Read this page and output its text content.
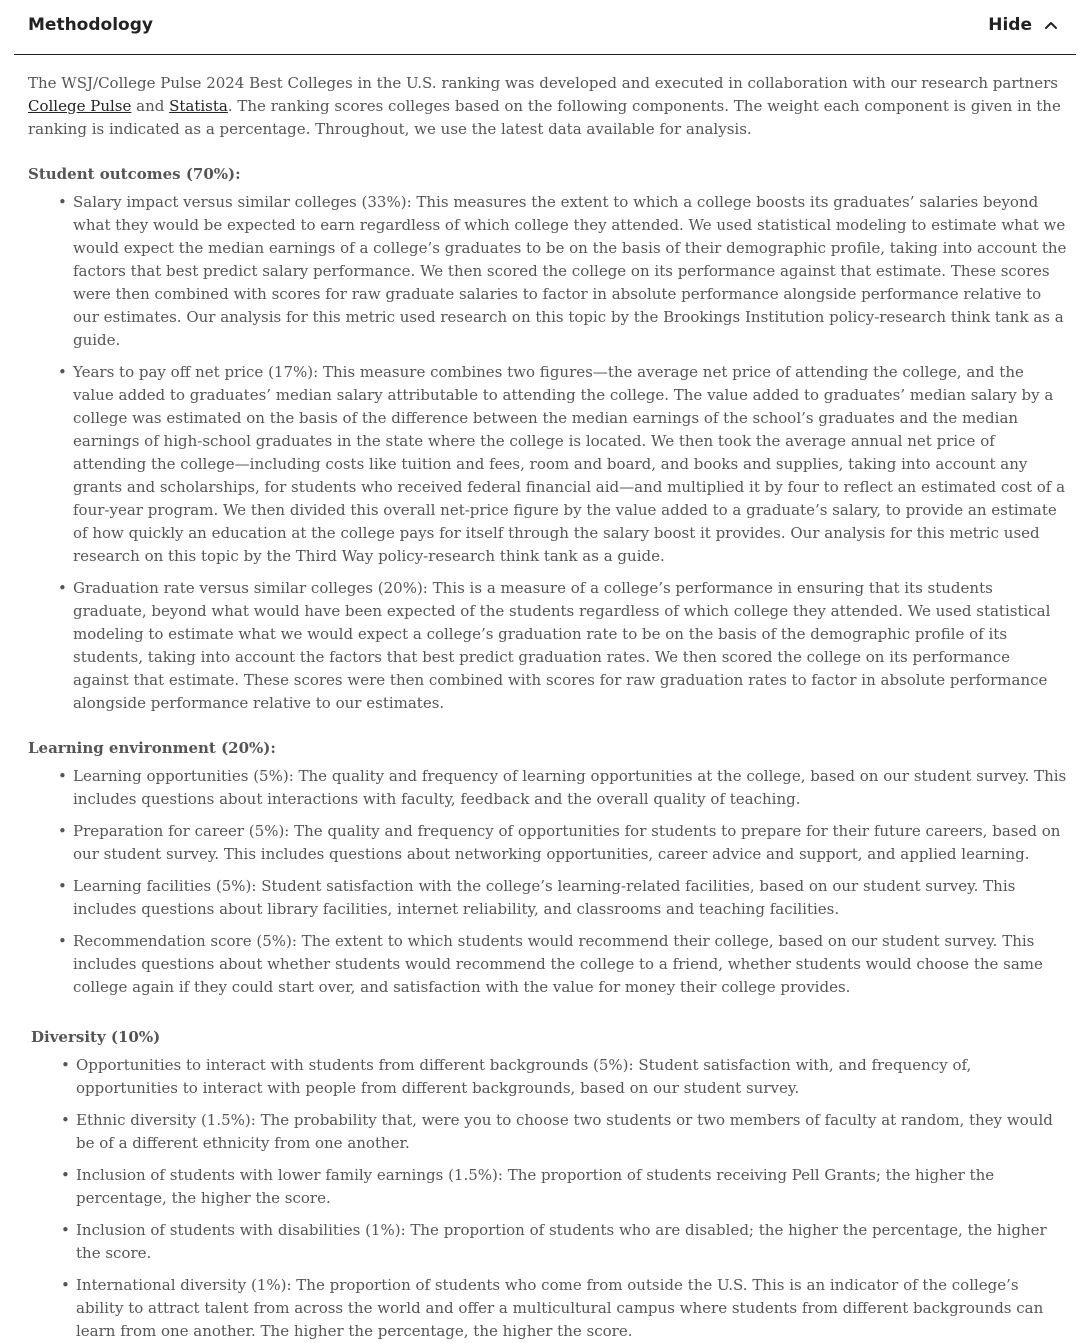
Methodology	Hide

The WSJ/College Pulse 2024 Best Colleges in the U.S. ranking was developed and executed in collaboration with our research partners College Pulse and Statista. The ranking scores colleges based on the following components. The weight each component is given in the ranking is indicated as a percentage. Throughout, we use the latest data available for analysis.

Student outcomes (70%):

• Salary impact versus similar colleges (33%): This measures the extent to which a college boosts its graduates’ salaries beyond what they would be expected to earn regardless of which college they attended. We used statistical modeling to estimate what we would expect the median earnings of a college’s graduates to be on the basis of their demographic profile, taking into account the factors that best predict salary performance. We then scored the college on its performance against that estimate. These scores were then combined with scores for raw graduate salaries to factor in absolute performance alongside performance relative to our estimates. Our analysis for this metric used research on this topic by the Brookings Institution policy-research think tank as a guide.
• Years to pay off net price (17%): This measure combines two figures—the average net price of attending the college, and the value added to graduates’ median salary attributable to attending the college. The value added to graduates’ median salary by a college was estimated on the basis of the difference between the median earnings of the school’s graduates and the median earnings of high-school graduates in the state where the college is located. We then took the average annual net price of attending the college—including costs like tuition and fees, room and board, and books and supplies, taking into account any grants and scholarships, for students who received federal financial aid—and multiplied it by four to reflect an estimated cost of a four-year program. We then divided this overall net-price figure by the value added to a graduate’s salary, to provide an estimate of how quickly an education at the college pays for itself through the salary boost it provides. Our analysis for this metric used research on this topic by the Third Way policy-research think tank as a guide.
• Graduation rate versus similar colleges (20%): This is a measure of a college’s performance in ensuring that its students graduate, beyond what would have been expected of the students regardless of which college they attended. We used statistical modeling to estimate what we would expect a college’s graduation rate to be on the basis of the demographic profile of its students, taking into account the factors that best predict graduation rates. We then scored the college on its performance against that estimate. These scores were then combined with scores for raw graduation rates to factor in absolute performance alongside performance relative to our estimates.

Learning environment (20%):

• Learning opportunities (5%): The quality and frequency of learning opportunities at the college, based on our student survey. This includes questions about interactions with faculty, feedback and the overall quality of teaching.
• Preparation for career (5%): The quality and frequency of opportunities for students to prepare for their future careers, based on our student survey. This includes questions about networking opportunities, career advice and support, and applied learning.
• Learning facilities (5%): Student satisfaction with the college’s learning-related facilities, based on our student survey. This includes questions about library facilities, internet reliability, and classrooms and teaching facilities.
• Recommendation score (5%): The extent to which students would recommend their college, based on our student survey. This includes questions about whether students would recommend the college to a friend, whether students would choose the same college again if they could start over, and satisfaction with the value for money their college provides.

Diversity (10%)

• Opportunities to interact with students from different backgrounds (5%): Student satisfaction with, and frequency of, opportunities to interact with people from different backgrounds, based on our student survey.
• Ethnic diversity (1.5%): The probability that, were you to choose two students or two members of faculty at random, they would be of a different ethnicity from one another.
• Inclusion of students with lower family earnings (1.5%): The proportion of students receiving Pell Grants; the higher the percentage, the higher the score.
• Inclusion of students with disabilities (1%): The proportion of students who are disabled; the higher the percentage, the higher the score.
• International diversity (1%): The proportion of students who come from outside the U.S. This is an indicator of the college’s ability to attract talent from across the world and offer a multicultural campus where students from different backgrounds can learn from one another. The higher the percentage, the higher the score.
